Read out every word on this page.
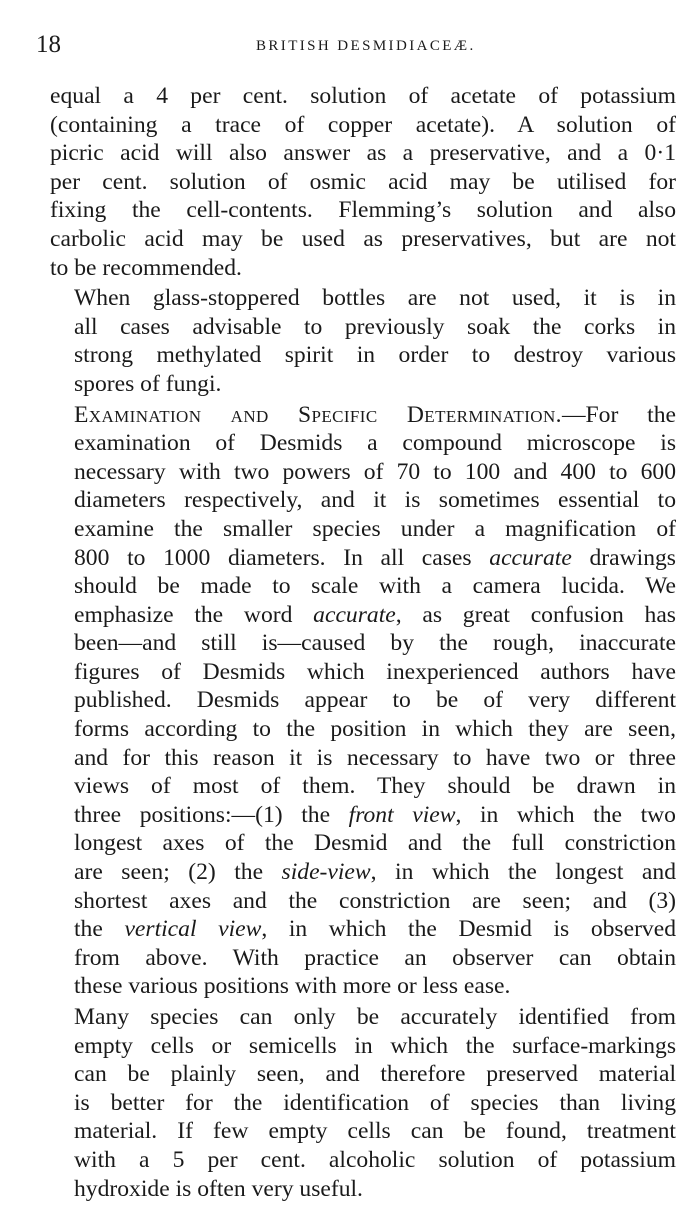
18	BRITISH DESMIDIACEÆ.

equal a 4 per cent. solution of acetate of potassium
(containing a trace of copper acetate). A solution of
picric acid will also answer as a preservative, and a 0·1
per cent. solution of osmic acid may be utilised for
fixing the cell-contents. Flemming’s solution and also
carbolic acid may be used as preservatives, but are not
to be recommended.

When glass-stoppered bottles are not used, it is in
all cases advisable to previously soak the corks in
strong methylated spirit in order to destroy various
spores of fungi.

Examination and Specific Determination.—For the
examination of Desmids a compound microscope is
necessary with two powers of 70 to 100 and 400 to 600
diameters respectively, and it is sometimes essential to
examine the smaller species under a magnification of
800 to 1000 diameters. In all cases accurate drawings
should be made to scale with a camera lucida. We
emphasize the word accurate, as great confusion has
been—and still is—caused by the rough, inaccurate
figures of Desmids which inexperienced authors have
published. Desmids appear to be of very different
forms according to the position in which they are seen,
and for this reason it is necessary to have two or three
views of most of them. They should be drawn in
three positions:—(1) the front view, in which the two
longest axes of the Desmid and the full constriction
are seen; (2) the side-view, in which the longest and
shortest axes and the constriction are seen; and (3)
the vertical view, in which the Desmid is observed
from above. With practice an observer can obtain
these various positions with more or less ease.

Many species can only be accurately identified from
empty cells or semicells in which the surface-markings
can be plainly seen, and therefore preserved material
is better for the identification of species than living
material. If few empty cells can be found, treatment
with a 5 per cent. alcoholic solution of potassium
hydroxide is often very useful.
